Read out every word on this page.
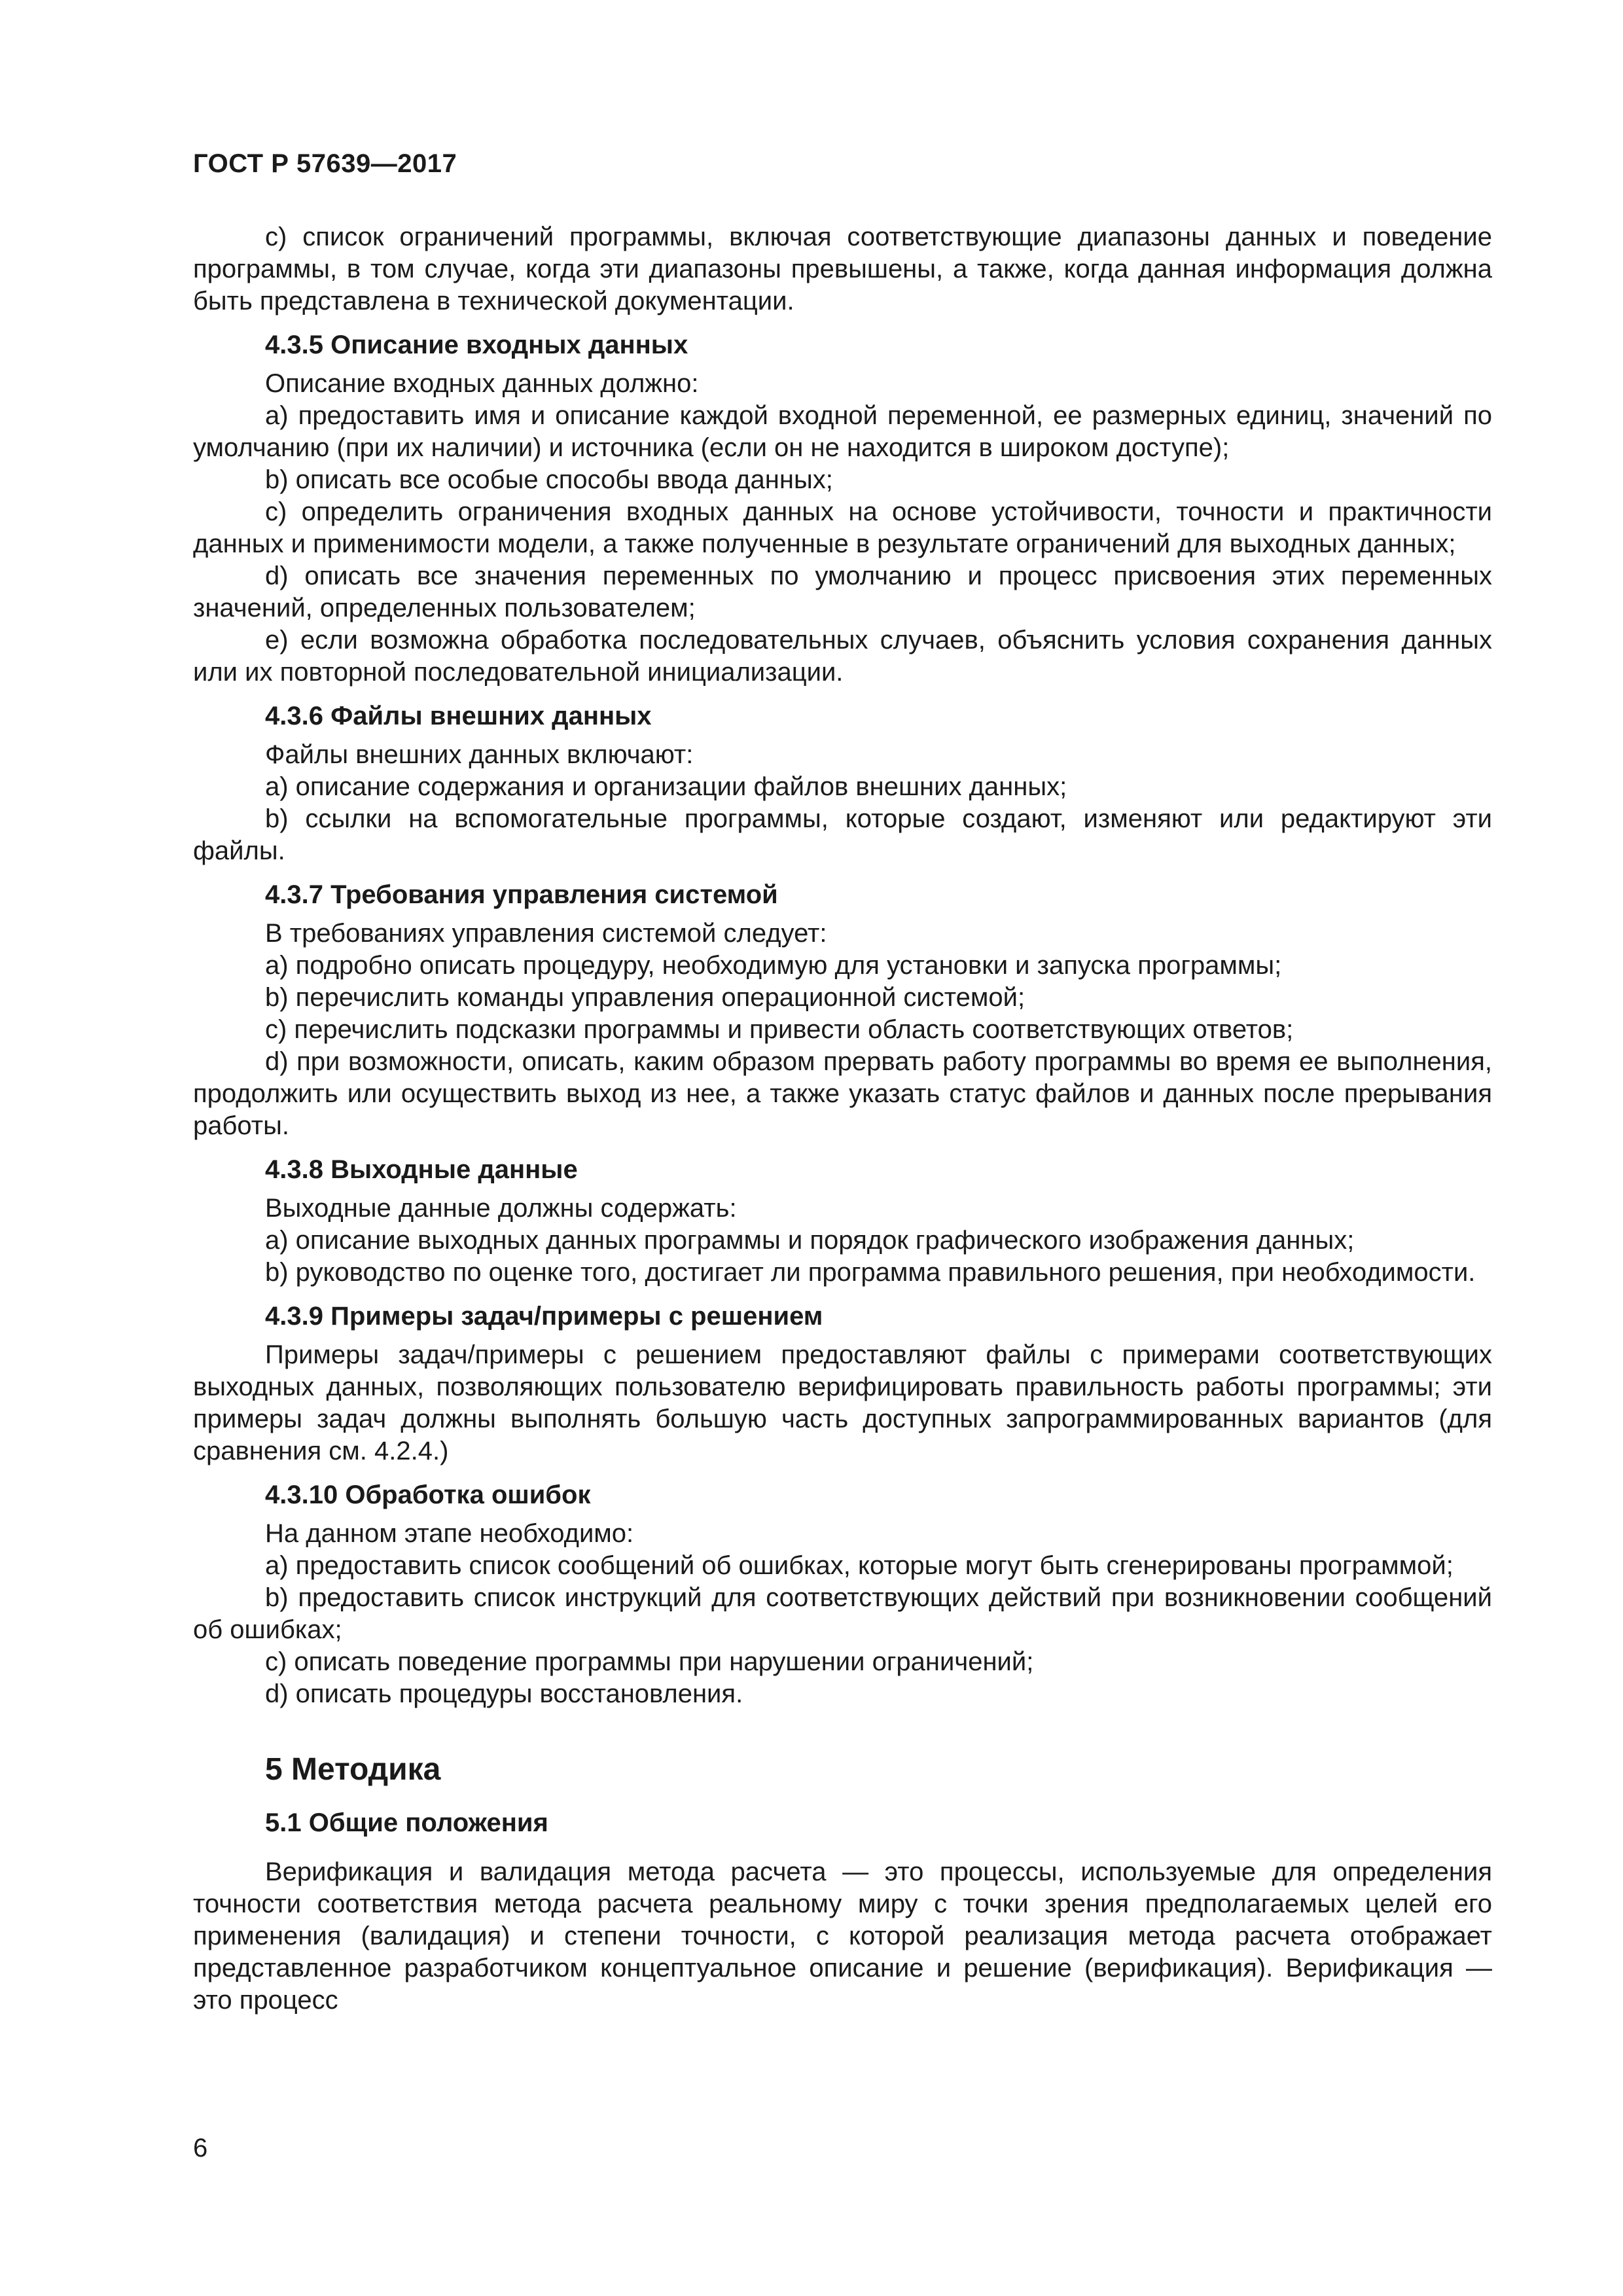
ГОСТ Р 57639—2017

c) список ограничений программы, включая соответствующие диапазоны данных и поведение программы, в том случае, когда эти диапазоны превышены, а также, когда данная информация должна быть представлена в технической документации.

4.3.5 Описание входных данных

Описание входных данных должно:

a) предоставить имя и описание каждой входной переменной, ее размерных единиц, значений по умолчанию (при их наличии) и источника (если он не находится в широком доступе);

b) описать все особые способы ввода данных;

c) определить ограничения входных данных на основе устойчивости, точности и практичности данных и применимости модели, а также полученные в результате ограничений для выходных данных;

d) описать все значения переменных по умолчанию и процесс присвоения этих переменных значений, определенных пользователем;

e) если возможна обработка последовательных случаев, объяснить условия сохранения данных или их повторной последовательной инициализации.

4.3.6 Файлы внешних данных

Файлы внешних данных включают:

a) описание содержания и организации файлов внешних данных;

b) ссылки на вспомогательные программы, которые создают, изменяют или редактируют эти файлы.

4.3.7 Требования управления системой

В требованиях управления системой следует:

a) подробно описать процедуру, необходимую для установки и запуска программы;

b) перечислить команды управления операционной системой;

c) перечислить подсказки программы и привести область соответствующих ответов;

d) при возможности, описать, каким образом прервать работу программы во время ее выполнения, продолжить или осуществить выход из нее, а также указать статус файлов и данных после прерывания работы.

4.3.8 Выходные данные

Выходные данные должны содержать:

a) описание выходных данных программы и порядок графического изображения данных;

b) руководство по оценке того, достигает ли программа правильного решения, при необходимости.

4.3.9 Примеры задач/примеры с решением

Примеры задач/примеры с решением предоставляют файлы с примерами соответствующих выходных данных, позволяющих пользователю верифицировать правильность работы программы; эти примеры задач должны выполнять большую часть доступных запрограммированных вариантов (для сравнения см. 4.2.4.)

4.3.10 Обработка ошибок

На данном этапе необходимо:

a) предоставить список сообщений об ошибках, которые могут быть сгенерированы программой;

b) предоставить список инструкций для соответствующих действий при возникновении сообщений об ошибках;

c) описать поведение программы при нарушении ограничений;

d) описать процедуры восстановления.

5 Методика
5.1 Общие положения

Верификация и валидация метода расчета — это процессы, используемые для определения точности соответствия метода расчета реальному миру с точки зрения предполагаемых целей его применения (валидация) и степени точности, с которой реализация метода расчета отображает представленное разработчиком концептуальное описание и решение (верификация). Верификация — это процесс

6
